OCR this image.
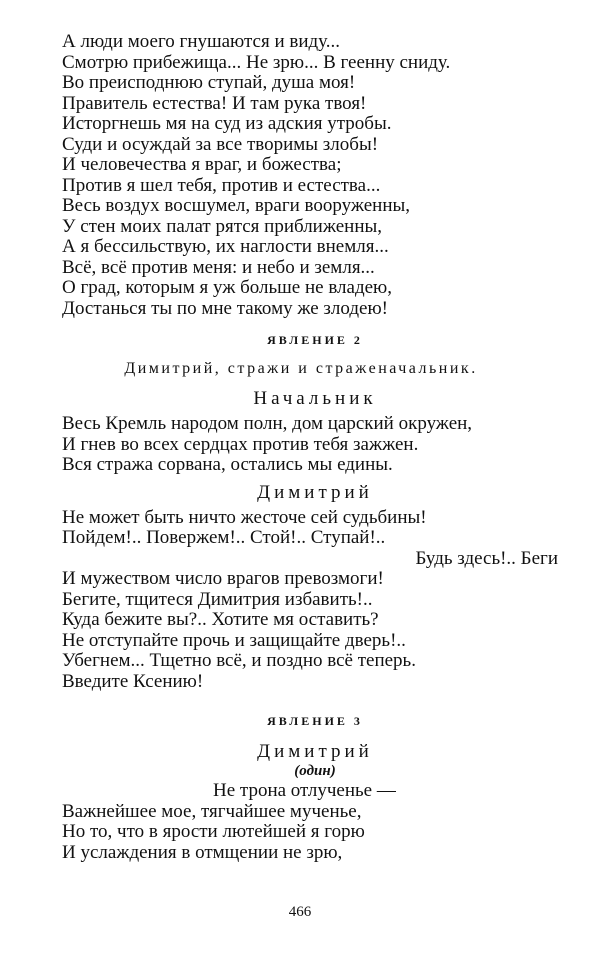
А люди моего гнушаются и виду...
Смотрю прибежища... Не зрю... В геенну сниду.
Во преисподнюю ступай, душа моя!
Правитель естества! И там рука твоя!
Исторгнешь мя на суд из адския утробы.
Суди и осуждай за все творимы злобы!
И человечества я враг, и божества;
Против я шел тебя, против и естества...
Весь воздух восшумел, враги вооруженны,
У стен моих палат рятся приближенны,
А я бессильствую, их наглости внемля...
Всё, всё против меня: и небо и земля...
О град, которым я уж больше не владею,
Достанься ты по мне такому же злодею!
ЯВЛЕНИЕ 2
Димитрий, стражи и страженачальник.
Начальник
Весь Кремль народом полн, дом царский окружен,
И гнев во всех сердцах против тебя зажжен.
Вся стража сорвана, остались мы едины.
Димитрий
Не может быть ничто жесточе сей судьбины!
Пойдем!.. Повержем!.. Стой!.. Ступай!..
Будь здесь!.. Беги
И мужеством число врагов превозмоги!
Бегите, тщитеся Димитрия избавить!..
Куда бежите вы?.. Хотите мя оставить?
Не отступайте прочь и защищайте дверь!..
Убегнем... Тщетно всё, и поздно всё теперь.
Введите Ксению!
ЯВЛЕНИЕ 3
Димитрий
(один)
Не трона отлученье —
Важнейшее мое, тягчайшее мученье,
Но то, что в ярости лютейшей я горю
И услаждения в отмщении не зрю,
466
